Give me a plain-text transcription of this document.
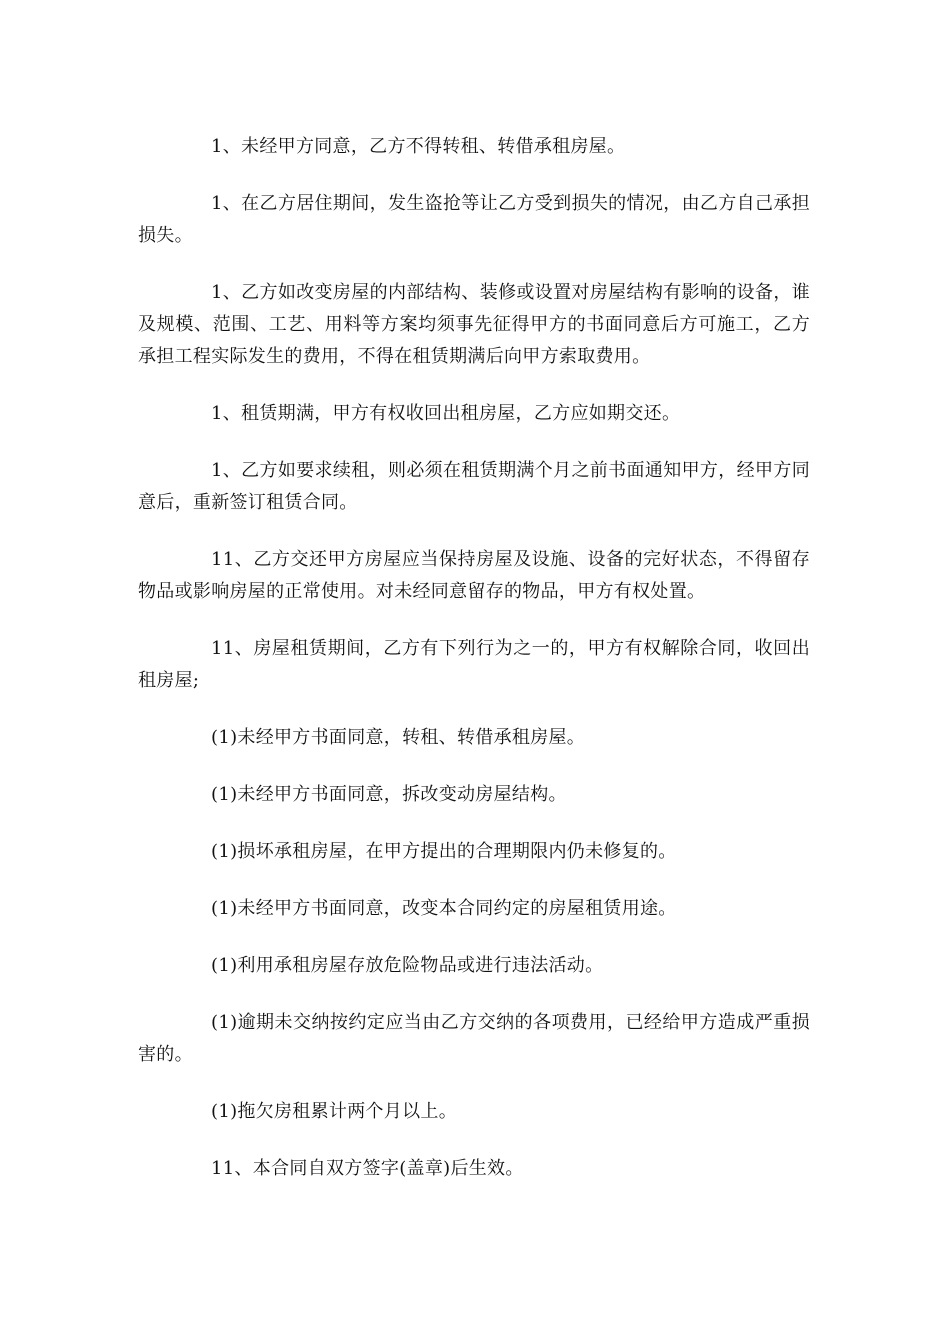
1、未经甲方同意，乙方不得转租、转借承租房屋。

1、在乙方居住期间，发生盗抢等让乙方受到损失的情况，由乙方自己承担损失。

1、乙方如改变房屋的内部结构、装修或设置对房屋结构有影响的设备，谁及规模、范围、工艺、用料等方案均须事先征得甲方的书面同意后方可施工，乙方承担工程实际发生的费用，不得在租赁期满后向甲方索取费用。

1、租赁期满，甲方有权收回出租房屋，乙方应如期交还。

1、乙方如要求续租，则必须在租赁期满个月之前书面通知甲方，经甲方同意后，重新签订租赁合同。

11、乙方交还甲方房屋应当保持房屋及设施、设备的完好状态，不得留存物品或影响房屋的正常使用。对未经同意留存的物品，甲方有权处置。

11、房屋租赁期间，乙方有下列行为之一的，甲方有权解除合同，收回出租房屋;

(1)未经甲方书面同意，转租、转借承租房屋。

(1)未经甲方书面同意，拆改变动房屋结构。

(1)损坏承租房屋，在甲方提出的合理期限内仍未修复的。

(1)未经甲方书面同意，改变本合同约定的房屋租赁用途。

(1)利用承租房屋存放危险物品或进行违法活动。

(1)逾期未交纳按约定应当由乙方交纳的各项费用，已经给甲方造成严重损害的。

(1)拖欠房租累计两个月以上。

11、本合同自双方签字(盖章)后生效。
